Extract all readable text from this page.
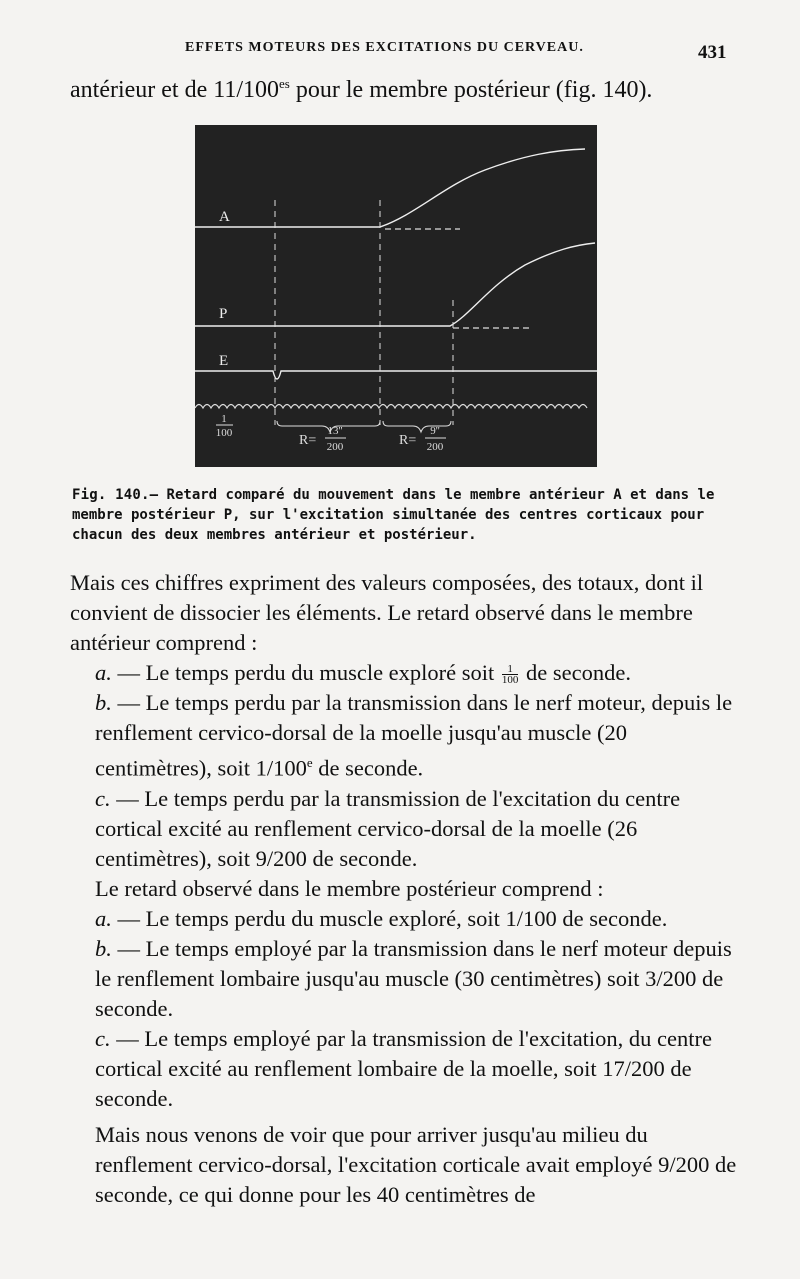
EFFETS MOTEURS DES EXCITATIONS DU CERVEAU.	431
antérieur et de $11/100^{es}$ pour le membre postérieur (fig. 140).
A
P
E
1
100	R=
13''
200	R=
9''
200
Fig. 140.— Retard comparé du mouvement dans le membre antérieur A et dans le membre postérieur P, sur l'excitation simultanée des centres corticaux pour chacun des deux membres antérieur et postérieur.

Mais ces chiffres expriment des valeurs composées, des totaux, dont il convient de dissocier les éléments. Le retard observé dans le membre antérieur comprend :

a. — Le temps perdu du muscle exploré soit $\frac{1}{100}$ de seconde.

b. — Le temps perdu par la transmission dans le nerf moteur, depuis le renflement cervico-dorsal de la moelle jusqu'au muscle (20 centimètres), soit 1/100e de seconde.

c. — Le temps perdu par la transmission de l'excitation du centre cortical excité au renflement cervico-dorsal de la moelle (26 centimètres), soit 9/200 de seconde.

Le retard observé dans le membre postérieur comprend :

a. — Le temps perdu du muscle exploré, soit 1/100 de seconde.

b. — Le temps employé par la transmission dans le nerf moteur depuis le renflement lombaire jusqu'au muscle (30 centimètres) soit 3/200 de seconde.

c. — Le temps employé par la transmission de l'excitation, du centre cortical excité au renflement lombaire de la moelle, soit 17/200 de seconde.

Mais nous venons de voir que pour arriver jusqu'au milieu du renflement cervico-dorsal, l'excitation corticale avait employé 9/200 de seconde, ce qui donne pour les 40 centimètres de
